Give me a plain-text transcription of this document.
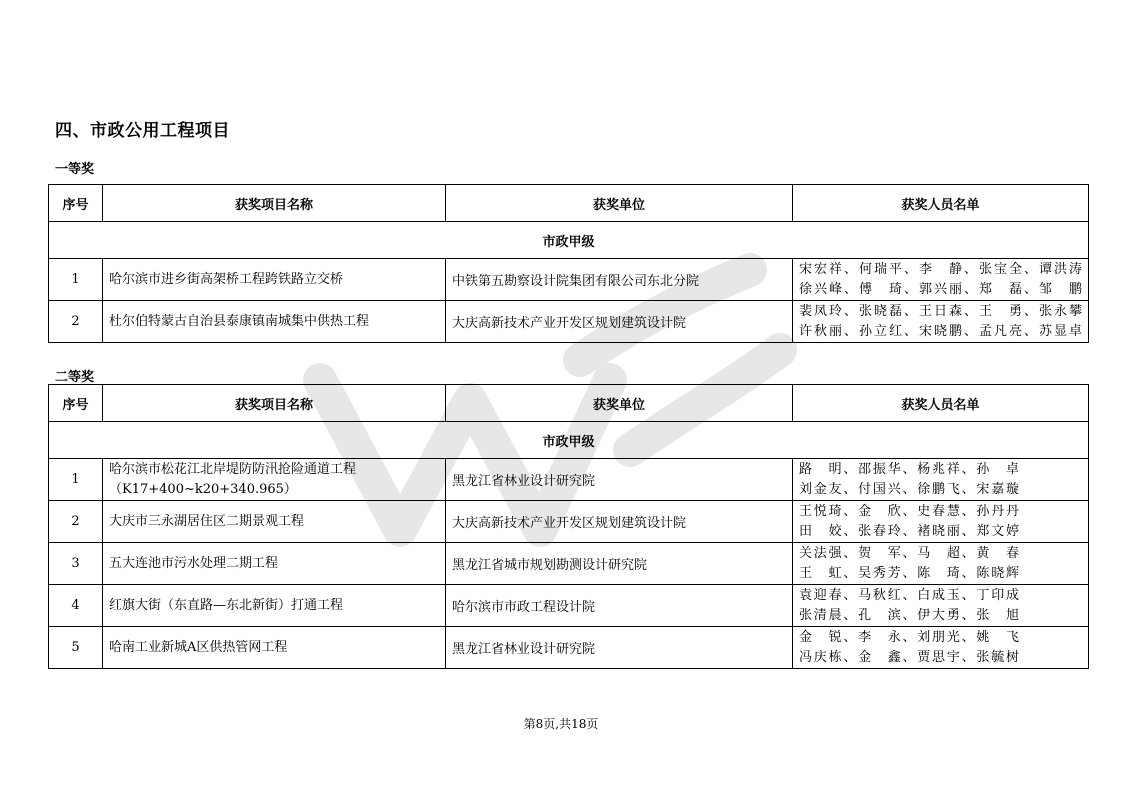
四、市政公用工程项目
一等奖
序号	获奖项目名称	获奖单位	获奖人员名单
市政甲级			
1	哈尔滨市进乡街高架桥工程跨铁路立交桥	中铁第五勘察设计院集团有限公司东北分院	宋宏祥、何瑞平、李　静、张宝全、谭洪涛
徐兴峰、傅　琦、郭兴丽、郑　磊、邹　鹏

2	杜尔伯特蒙古自治县泰康镇南城集中供热工程	大庆高新技术产业开发区规划建筑设计院	裴凤玲、张晓磊、王日森、王　勇、张永攀
许秋丽、孙立红、宋晓鹏、孟凡亮、苏显卓
二等奖
序号	获奖项目名称	获奖单位	获奖人员名单
市政甲级			
1	哈尔滨市松花江北岸堤防防汛抢险通道工程
（K17+400~k20+340.965）	黑龙江省林业设计研究院	路　明、邵振华、杨兆祥、孙　卓
刘金友、付国兴、徐鹏飞、宋嘉璇

2	大庆市三永湖居住区二期景观工程	大庆高新技术产业开发区规划建筑设计院	王悦琦、金　欣、史春慧、孙丹丹
田　姣、张春玲、褚晓丽、郑文婷

3	五大连池市污水处理二期工程	黑龙江省城市规划勘测设计研究院	关法强、贺　军、马　超、黄　春
王　虹、吴秀芳、陈　琦、陈晓辉

4	红旗大街（东直路—东北新街）打通工程	哈尔滨市市政工程设计院	袁迎春、马秋红、白成玉、丁印成
张清晨、孔　滨、伊大勇、张　旭

5	哈南工业新城A区供热管网工程	黑龙江省林业设计研究院	金　锐、李　永、刘朋光、姚　飞
冯庆栋、金　鑫、贾思宇、张毓树
第8页,共18页
